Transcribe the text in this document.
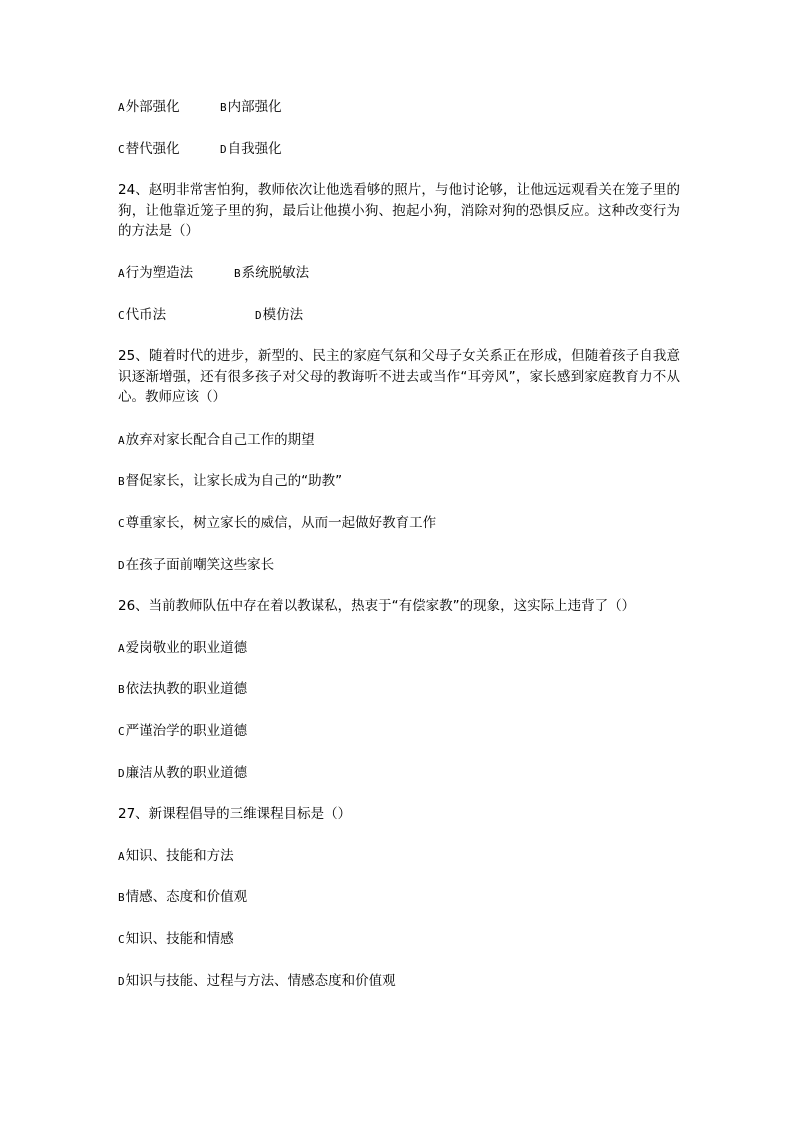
A外部强化	B内部强化
C替代强化	D自我强化
24、赵明非常害怕狗，教师依次让他选看够的照片，与他讨论够，让他远远观看关在笼子里的狗，让他靠近笼子里的狗，最后让他摸小狗、抱起小狗，消除对狗的恐惧反应。这种改变行为的方法是（）
A行为塑造法	B系统脱敏法
C代币法	D模仿法
25、随着时代的进步，新型的、民主的家庭气氛和父母子女关系正在形成，但随着孩子自我意识逐渐增强，还有很多孩子对父母的教诲听不进去或当作“耳旁风”，家长感到家庭教育力不从心。教师应该（）
A放弃对家长配合自己工作的期望
B督促家长，让家长成为自己的“助教”
C尊重家长，树立家长的威信，从而一起做好教育工作
D在孩子面前嘲笑这些家长
26、当前教师队伍中存在着以教谋私，热衷于“有偿家教”的现象，这实际上违背了（）
A爱岗敬业的职业道德
B依法执教的职业道德
C严谨治学的职业道德
D廉洁从教的职业道德
27、新课程倡导的三维课程目标是（）
A知识、技能和方法
B情感、态度和价值观
C知识、技能和情感
D知识与技能、过程与方法、情感态度和价值观
